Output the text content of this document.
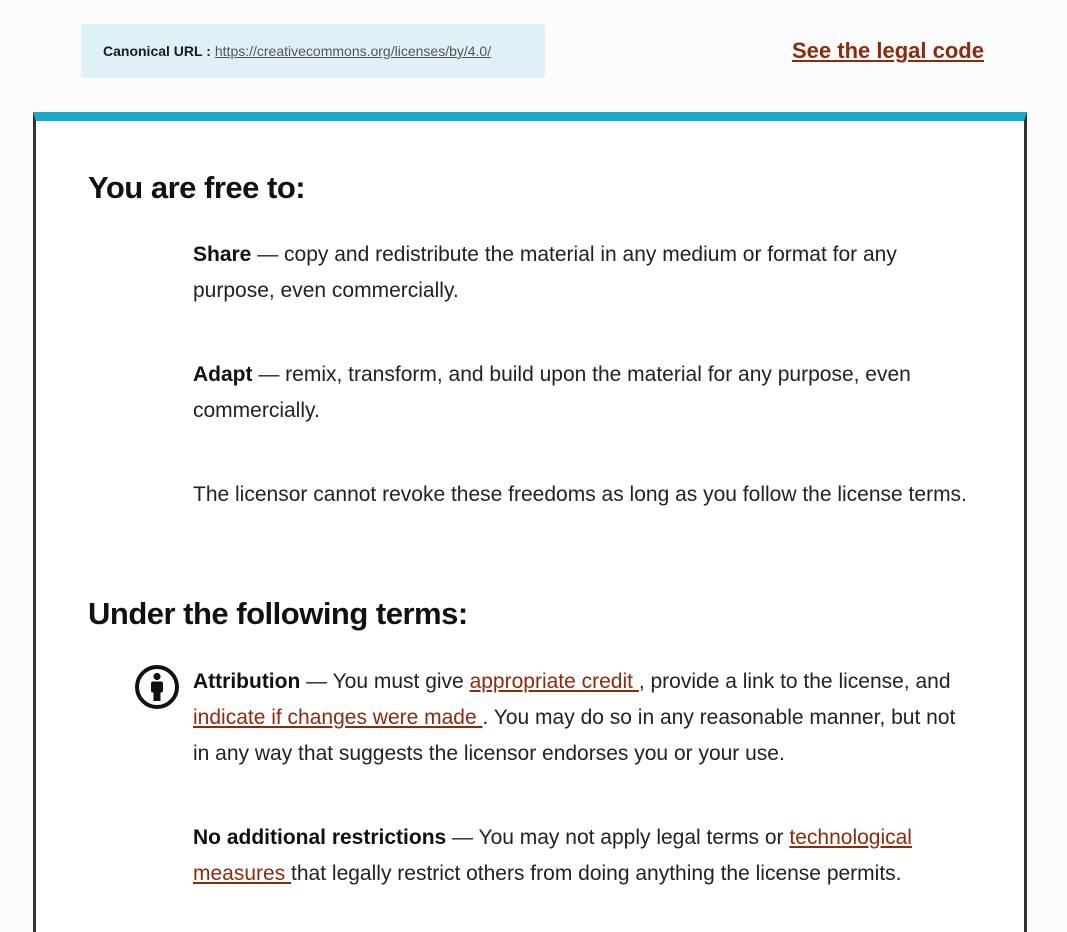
Canonical URL : https://creativecommons.org/licenses/by/4.0/	See the legal code
You are free to:
Share — copy and redistribute the material in any medium or format for any purpose, even commercially.
Adapt — remix, transform, and build upon the material for any purpose, even commercially.
The licensor cannot revoke these freedoms as long as you follow the license terms.
Under the following terms:
Attribution — You must give appropriate credit , provide a link to the license, and indicate if changes were made . You may do so in any reasonable manner, but not in any way that suggests the licensor endorses you or your use.
No additional restrictions — You may not apply legal terms or technological measures that legally restrict others from doing anything the license permits.
